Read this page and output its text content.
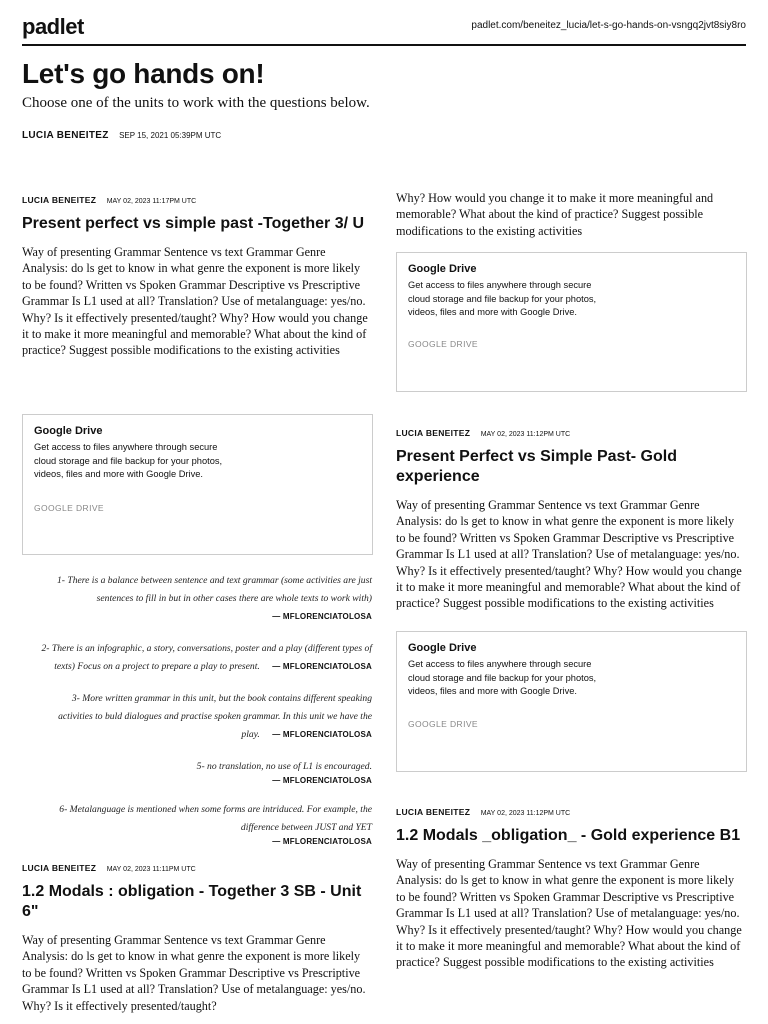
padlet	padlet.com/beneitez_lucia/let-s-go-hands-on-vsngq2jvt8siy8ro
Let's go hands on!
Choose one of the units to work with the questions below.
LUCIA BENEITEZ SEP 15, 2021 05:39PM UTC
LUCIA BENEITEZ MAY 02, 2023 11:17PM UTC
Present perfect vs simple past -Together 3/ U
Way of presenting Grammar Sentence vs text Grammar Genre Analysis: do ls get to know in what genre the exponent is more likely to be found? Written vs Spoken Grammar Descriptive vs Prescriptive Grammar Is L1 used at all? Translation? Use of metalanguage: yes/no. Why? Is it effectively presented/taught? Why? How would you change it to make it more meaningful and memorable? What about the kind of practice? Suggest possible modifications to the existing activities
Google Drive
Get access to files anywhere through secure cloud storage and file backup for your photos, videos, files and more with Google Drive.
GOOGLE DRIVE
1- There is a balance between sentence and text grammar (some activities are just sentences to fill in but in other cases there are whole texts to work with) — MFLORENCIATOLOSA
2- There is an infographic, a story, conversations, poster and a play (different types of texts) Focus on a project to prepare a play to present. — MFLORENCIATOLOSA
3- More written grammar in this unit, but the book contains different speaking activities to buld dialogues and practise spoken grammar. In this unit we have the play. — MFLORENCIATOLOSA
5- no translation, no use of L1 is encouraged.
— MFLORENCIATOLOSA
6- Metalanguage is mentioned when some forms are intriduced. For example, the difference between JUST and YET
— MFLORENCIATOLOSA
LUCIA BENEITEZ MAY 02, 2023 11:11PM UTC
1.2 Modals : obligation - Together 3 SB - Unit 6"
Way of presenting Grammar Sentence vs text Grammar Genre Analysis: do ls get to know in what genre the exponent is more likely to be found? Written vs Spoken Grammar Descriptive vs Prescriptive Grammar Is L1 used at all? Translation? Use of metalanguage: yes/no. Why? Is it effectively presented/taught?
Why? How would you change it to make it more meaningful and memorable? What about the kind of practice? Suggest possible modifications to the existing activities
Google Drive
Get access to files anywhere through secure cloud storage and file backup for your photos, videos, files and more with Google Drive.
GOOGLE DRIVE
LUCIA BENEITEZ MAY 02, 2023 11:12PM UTC
Present Perfect vs Simple Past- Gold experience
Way of presenting Grammar Sentence vs text Grammar Genre Analysis: do ls get to know in what genre the exponent is more likely to be found? Written vs Spoken Grammar Descriptive vs Prescriptive Grammar Is L1 used at all? Translation? Use of metalanguage: yes/no. Why? Is it effectively presented/taught? Why? How would you change it to make it more meaningful and memorable? What about the kind of practice? Suggest possible modifications to the existing activities
Google Drive
Get access to files anywhere through secure cloud storage and file backup for your photos, videos, files and more with Google Drive.
GOOGLE DRIVE
LUCIA BENEITEZ MAY 02, 2023 11:12PM UTC
1.2 Modals _obligation_ - Gold experience B1
Way of presenting Grammar Sentence vs text Grammar Genre Analysis: do ls get to know in what genre the exponent is more likely to be found? Written vs Spoken Grammar Descriptive vs Prescriptive Grammar Is L1 used at all? Translation? Use of metalanguage: yes/no. Why? Is it effectively presented/taught? Why? How would you change it to make it more meaningful and memorable? What about the kind of practice? Suggest possible modifications to the existing activities
